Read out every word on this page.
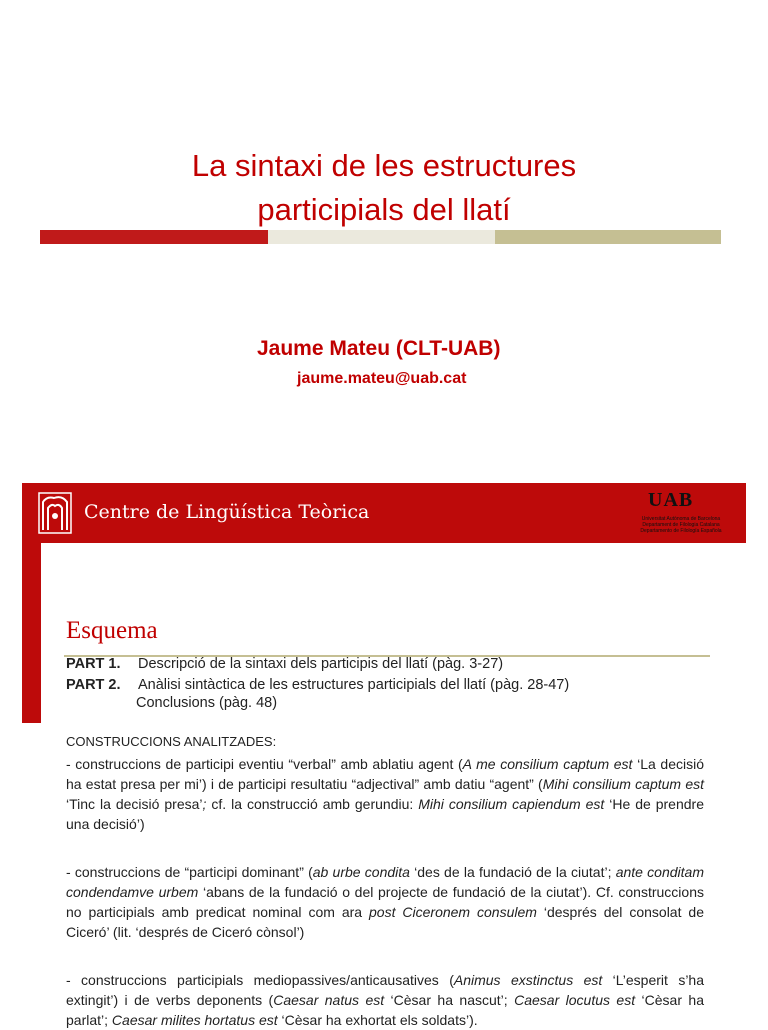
La sintaxi de les estructures
participials del llatí
Jaume Mateu (CLT-UAB)
jaume.mateu@uab.cat
Centre de Lingüística Teòrica
UAB
Universitat Autònoma de Barcelona
Departament de Filologia Catalana
Departamento de Filología Española
Esquema
PART 1. Descripció de la sintaxi dels participis del llatí (pàg. 3-27)
PART 2. Anàlisi sintàctica de les estructures participials del llatí (pàg. 28-47)
Conclusions (pàg. 48)
CONSTRUCCIONS ANALITZADES:
- construccions de participi eventiu “verbal” amb ablatiu agent (A me consilium captum est ‘La decisió ha estat presa per mi’) i de participi resultatiu “adjectival” amb datiu “agent” (Mihi consilium captum est ‘Tinc la decisió presa’; cf. la construcció amb gerundiu: Mihi consilium capiendum est ‘He de prendre una decisió’)
- construccions de “participi dominant” (ab urbe condita ‘des de la fundació de la ciutat’; ante conditam condendamve urbem ‘abans de la fundació o del projecte de fundació de la ciutat’). Cf. construccions no participials amb predicat nominal com ara post Ciceronem consulem ‘després del consolat de Ciceró’ (lit. ‘després de Ciceró cònsol’)
- construccions participials mediopassives/anticausatives (Animus exstinctus est ‘L’esperit s’ha extingit’) i de verbs deponents (Caesar natus est ‘Cèsar ha nascut’; Caesar locutus est ‘Cèsar ha parlat’; Caesar milites hortatus est ‘Cèsar ha exhortat els soldats’).
